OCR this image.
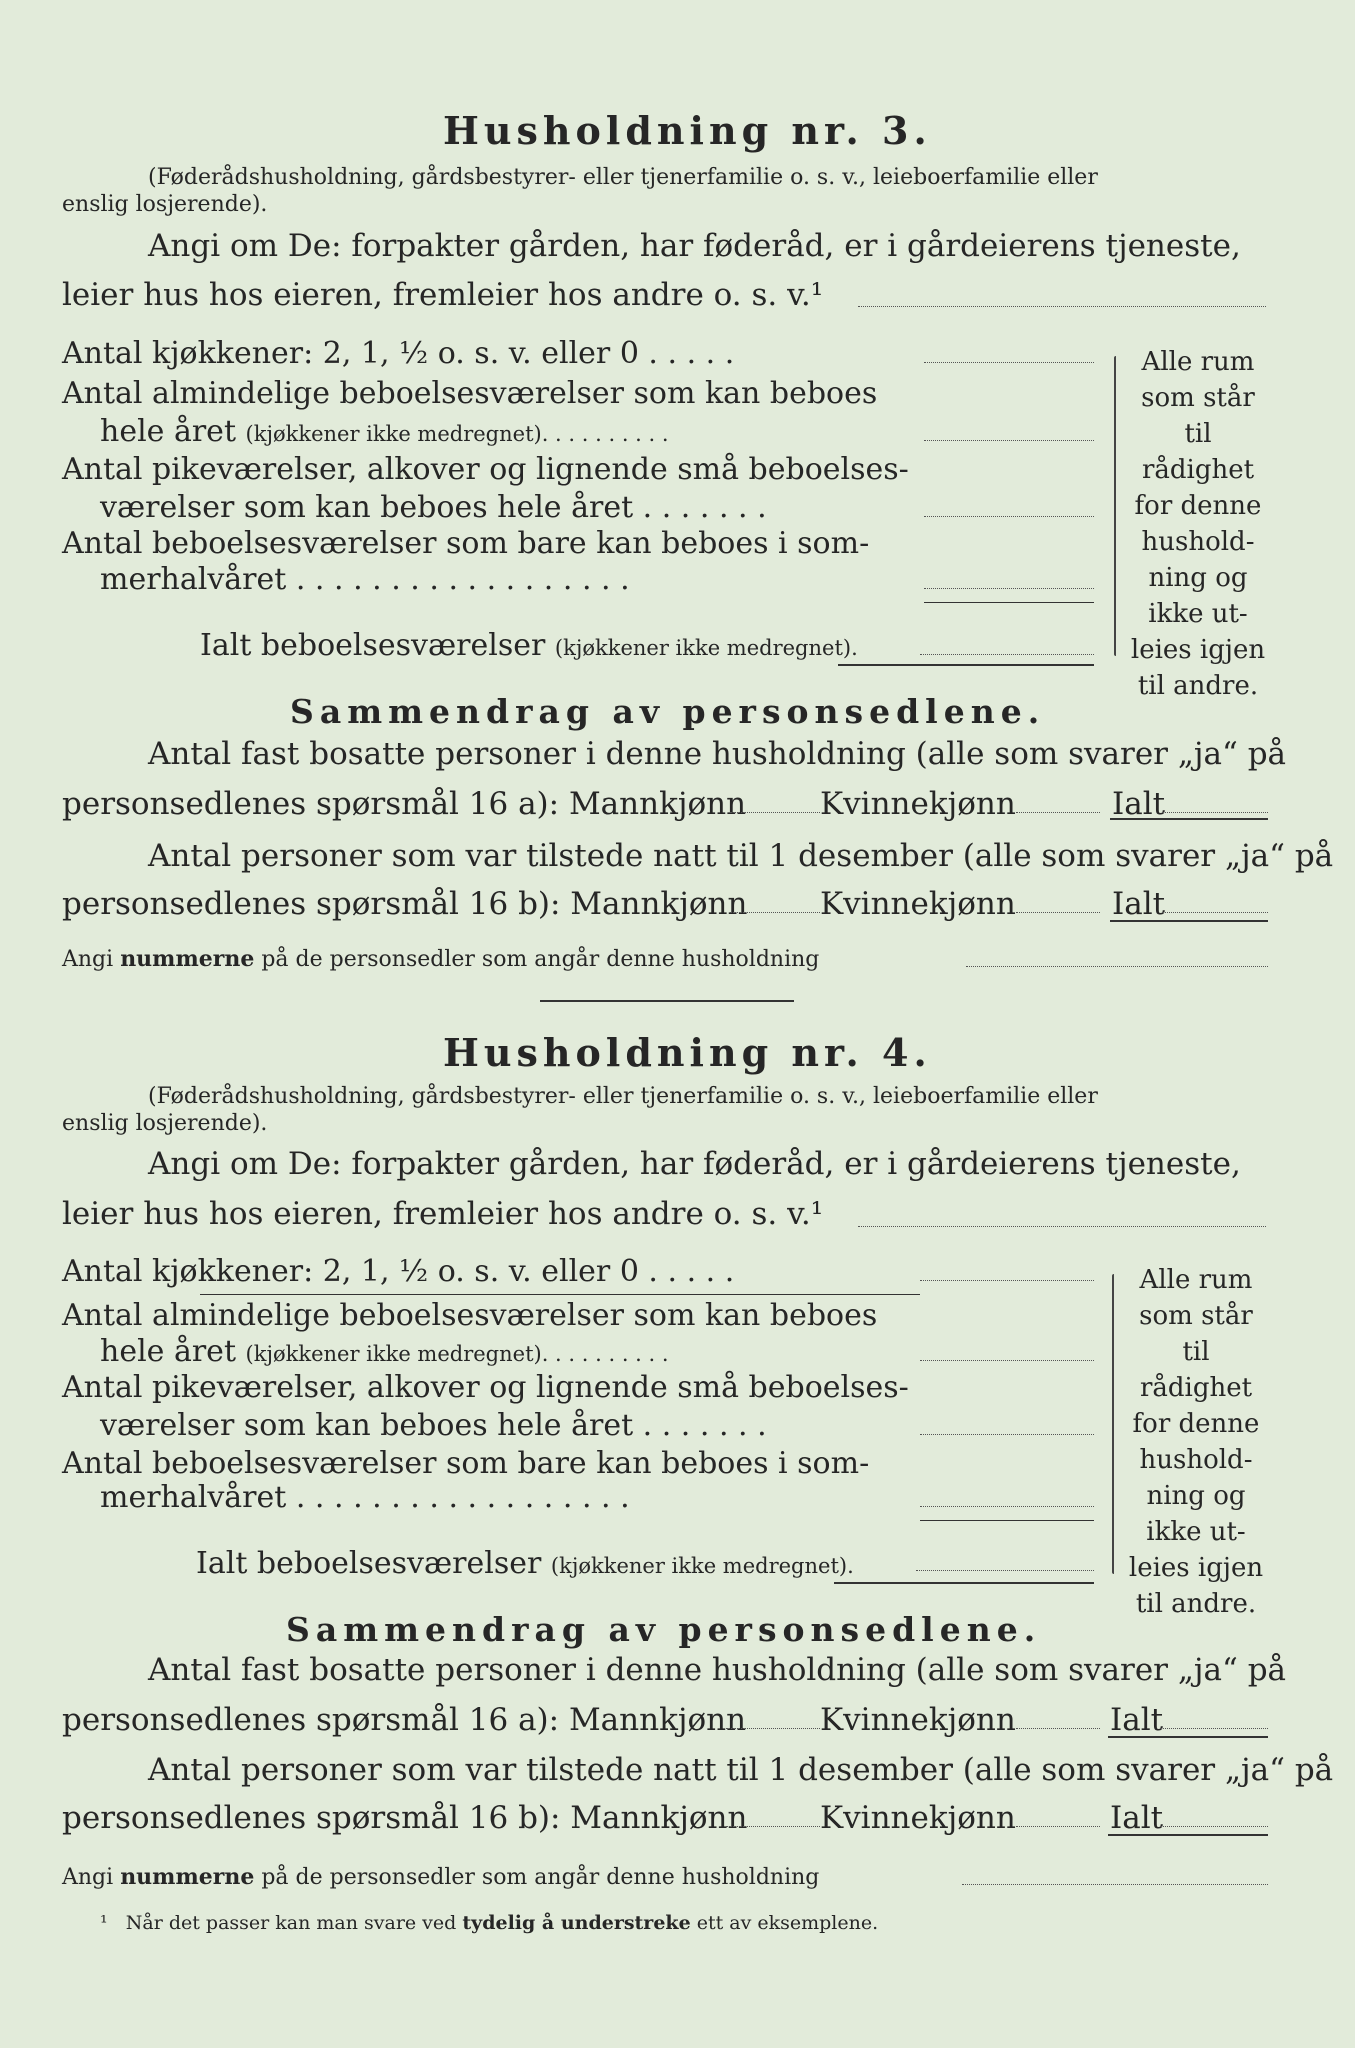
Husholdning nr. 3.
(Føderådshusholdning, gårdsbestyrer- eller tjenerfamilie o. s. v., leieboerfamilie eller
enslig losjerende).
Angi om De: forpakter gården, har føderåd, er i gårdeierens tjeneste,
leier hus hos eieren, fremleier hos andre o. s. v.¹
Antal kjøkkener: 2, 1, ½ o. s. v. eller 0 . . . . .
Antal almindelige beboelsesværelser som kan beboes
hele året (kjøkkener ikke medregnet). . . . . . . . . .
Antal pikeværelser, alkover og lignende små beboelses-
værelser som kan beboes hele året . . . . . . .
Antal beboelsesværelser som bare kan beboes i som-
merhalvåret . . . . . . . . . . . . . . . . . .
Ialt beboelsesværelser (kjøkkener ikke medregnet).
Alle rum som står til rådighet for denne hushold-ning og ikke ut-leies igjen til andre.
Sammendrag av personsedlene.
Antal fast bosatte personer i denne husholdning (alle som svarer „ja“ på
personsedlenes spørsmål 16 a): Mannkjønn Kvinnekjønn	Ialt
Antal personer som var tilstede natt til 1 desember (alle som svarer „ja“ på
personsedlenes spørsmål 16 b): Mannkjønn Kvinnekjønn	Ialt
Angi nummerne på de personsedler som angår denne husholdning
Husholdning nr. 4.
(Føderådshusholdning, gårdsbestyrer- eller tjenerfamilie o. s. v., leieboerfamilie eller
enslig losjerende).
Angi om De: forpakter gården, har føderåd, er i gårdeierens tjeneste,
leier hus hos eieren, fremleier hos andre o. s. v.¹
Antal kjøkkener: 2, 1, ½ o. s. v. eller 0 . . . . .
Antal almindelige beboelsesværelser som kan beboes
hele året (kjøkkener ikke medregnet). . . . . . . . . .
Antal pikeværelser, alkover og lignende små beboelses-
værelser som kan beboes hele året . . . . . . .
Antal beboelsesværelser som bare kan beboes i som-
merhalvåret . . . . . . . . . . . . . . . . . .
Ialt beboelsesværelser (kjøkkener ikke medregnet).
Alle rum som står til rådighet for denne hushold-ning og ikke ut-leies igjen til andre.
Sammendrag av personsedlene.
Antal fast bosatte personer i denne husholdning (alle som svarer „ja“ på
personsedlenes spørsmål 16 a): Mannkjønn Kvinnekjønn	Ialt
Antal personer som var tilstede natt til 1 desember (alle som svarer „ja“ på
personsedlenes spørsmål 16 b): Mannkjønn Kvinnekjønn	Ialt
Angi nummerne på de personsedler som angår denne husholdning
¹ Når det passer kan man svare ved tydelig å understreke ett av eksemplene.
